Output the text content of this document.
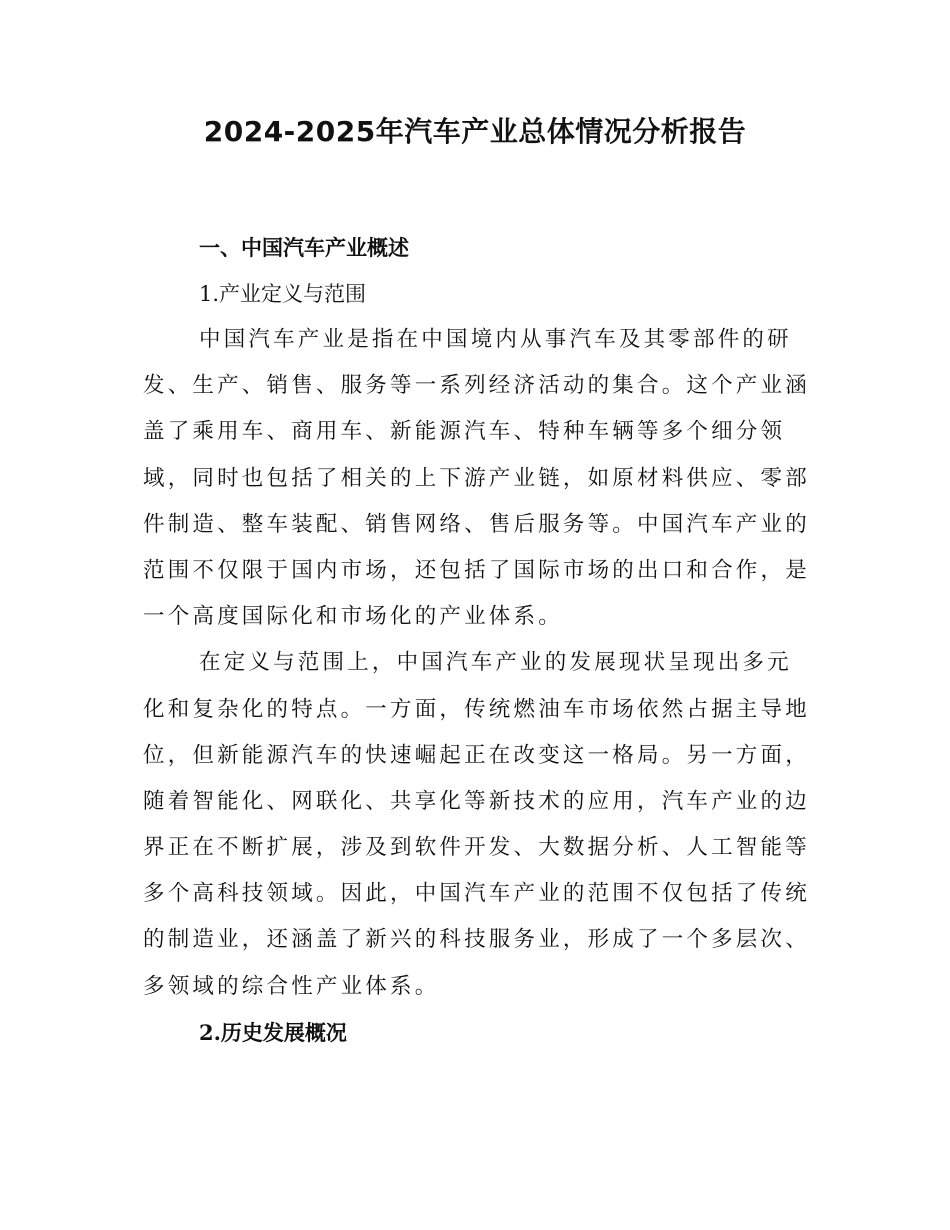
2024-2025年汽车产业总体情况分析报告

一、中国汽车产业概述

1.产业定义与范围

中国汽车产业是指在中国境内从事汽车及其零部件的研
发、生产、销售、服务等一系列经济活动的集合。这个产业涵
盖了乘用车、商用车、新能源汽车、特种车辆等多个细分领
域，同时也包括了相关的上下游产业链，如原材料供应、零部
件制造、整车装配、销售网络、售后服务等。中国汽车产业的
范围不仅限于国内市场，还包括了国际市场的出口和合作，是
一个高度国际化和市场化的产业体系。

在定义与范围上，中国汽车产业的发展现状呈现出多元
化和复杂化的特点。一方面，传统燃油车市场依然占据主导地
位，但新能源汽车的快速崛起正在改变这一格局。另一方面，
随着智能化、网联化、共享化等新技术的应用，汽车产业的边
界正在不断扩展，涉及到软件开发、大数据分析、人工智能等
多个高科技领域。因此，中国汽车产业的范围不仅包括了传统
的制造业，还涵盖了新兴的科技服务业，形成了一个多层次、
多领域的综合性产业体系。

2.历史发展概况
